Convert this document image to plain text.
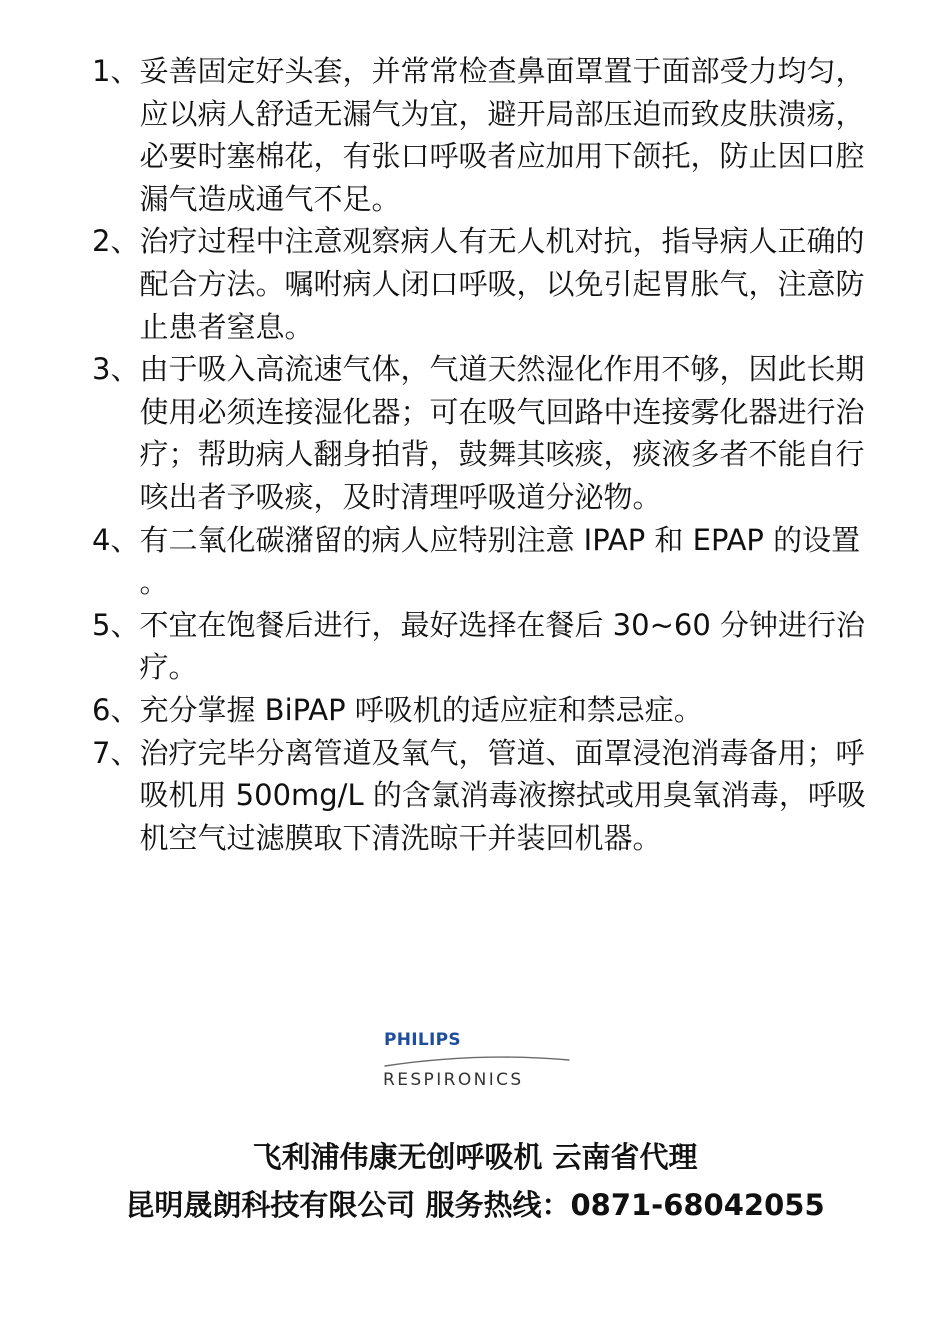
1、 妥善固定好头套，并常常检查鼻面罩置于面部受力均匀，应以病人舒适无漏气为宜，避开局部压迫而致皮肤溃疡，必要时塞棉花，有张口呼吸者应加用下颌托，防止因口腔漏气造成通气不足。
2、 治疗过程中注意观察病人有无人机对抗，指导病人正确的配合方法。嘱咐病人闭口呼吸，以免引起胃胀气，注意防止患者窒息。
3、 由于吸入高流速气体，气道天然湿化作用不够，因此长期使用必须连接湿化器；可在吸气回路中连接雾化器进行治疗；帮助病人翻身拍背，鼓舞其咳痰，痰液多者不能自行咳出者予吸痰，及时清理呼吸道分泌物。
4、 有二氧化碳潴留的病人应特别注意 IPAP 和 EPAP 的设置。
5、 不宜在饱餐后进行，最好选择在餐后 30~60 分钟进行治疗。
6、 充分掌握 BiPAP 呼吸机的适应症和禁忌症。
7、 治疗完毕分离管道及氧气，管道、面罩浸泡消毒备用；呼吸机用 500mg/L 的含氯消毒液擦拭或用臭氧消毒，呼吸机空气过滤膜取下清洗晾干并装回机器。
PHILIPS
RESPIRONICS
飞利浦伟康无创呼吸机 云南省代理
昆明晟朗科技有限公司 服务热线：0871-68042055
